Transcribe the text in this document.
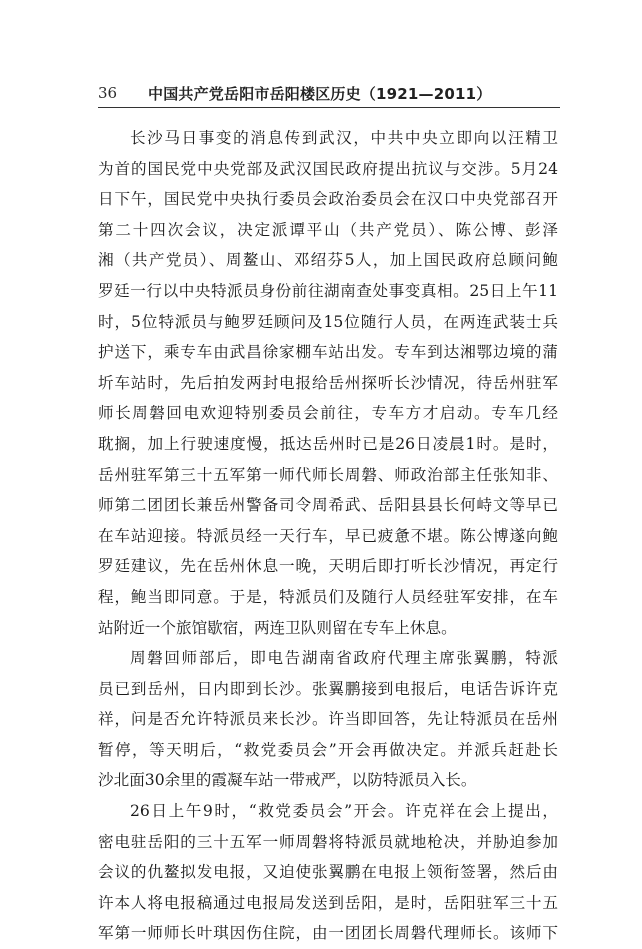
36 中国共产党岳阳市岳阳楼区历史（1921—2011）
长沙马日事变的消息传到武汉，中共中央立即向以汪精卫
为首的国民党中央党部及武汉国民政府提出抗议与交涉。5月24
日下午，国民党中央执行委员会政治委员会在汉口中央党部召开
第二十四次会议，决定派谭平山（共产党员）、陈公博、彭泽
湘（共产党员）、周鳌山、邓绍芬5人，加上国民政府总顾问鲍
罗廷一行以中央特派员身份前往湖南查处事变真相。25日上午11
时，5位特派员与鲍罗廷顾问及15位随行人员，在两连武装士兵
护送下，乘专车由武昌徐家棚车站出发。专车到达湘鄂边境的蒲
圻车站时，先后拍发两封电报给岳州探听长沙情况，待岳州驻军
师长周磐回电欢迎特别委员会前往，专车方才启动。专车几经
耽搁，加上行驶速度慢，抵达岳州时已是26日凌晨1时。是时，
岳州驻军第三十五军第一师代师长周磐、师政治部主任张知非、
师第二团团长兼岳州警备司令周希武、岳阳县县长何峙文等早已
在车站迎接。特派员经一天行车，早已疲惫不堪。陈公博遂向鲍
罗廷建议，先在岳州休息一晚，天明后即打听长沙情况，再定行
程，鲍当即同意。于是，特派员们及随行人员经驻军安排，在车
站附近一个旅馆歇宿，两连卫队则留在专车上休息。
周磐回师部后，即电告湖南省政府代理主席张翼鹏，特派
员已到岳州，日内即到长沙。张翼鹏接到电报后，电话告诉许克
祥，问是否允许特派员来长沙。许当即回答，先让特派员在岳州
暂停，等天明后，“救党委员会”开会再做决定。并派兵赶赴长
沙北面30余里的霞凝车站一带戒严，以防特派员入长。
26日上午9时，“救党委员会”开会。许克祥在会上提出，
密电驻岳阳的三十五军一师周磐将特派员就地枪决，并胁迫参加
会议的仇鳌拟发电报，又迫使张翼鹏在电报上领衔签署，然后由
许本人将电报稿通过电报局发送到岳阳，是时，岳阳驻军三十五
军第一师师长叶琪因伤住院，由一团团长周磐代理师长。该师下
